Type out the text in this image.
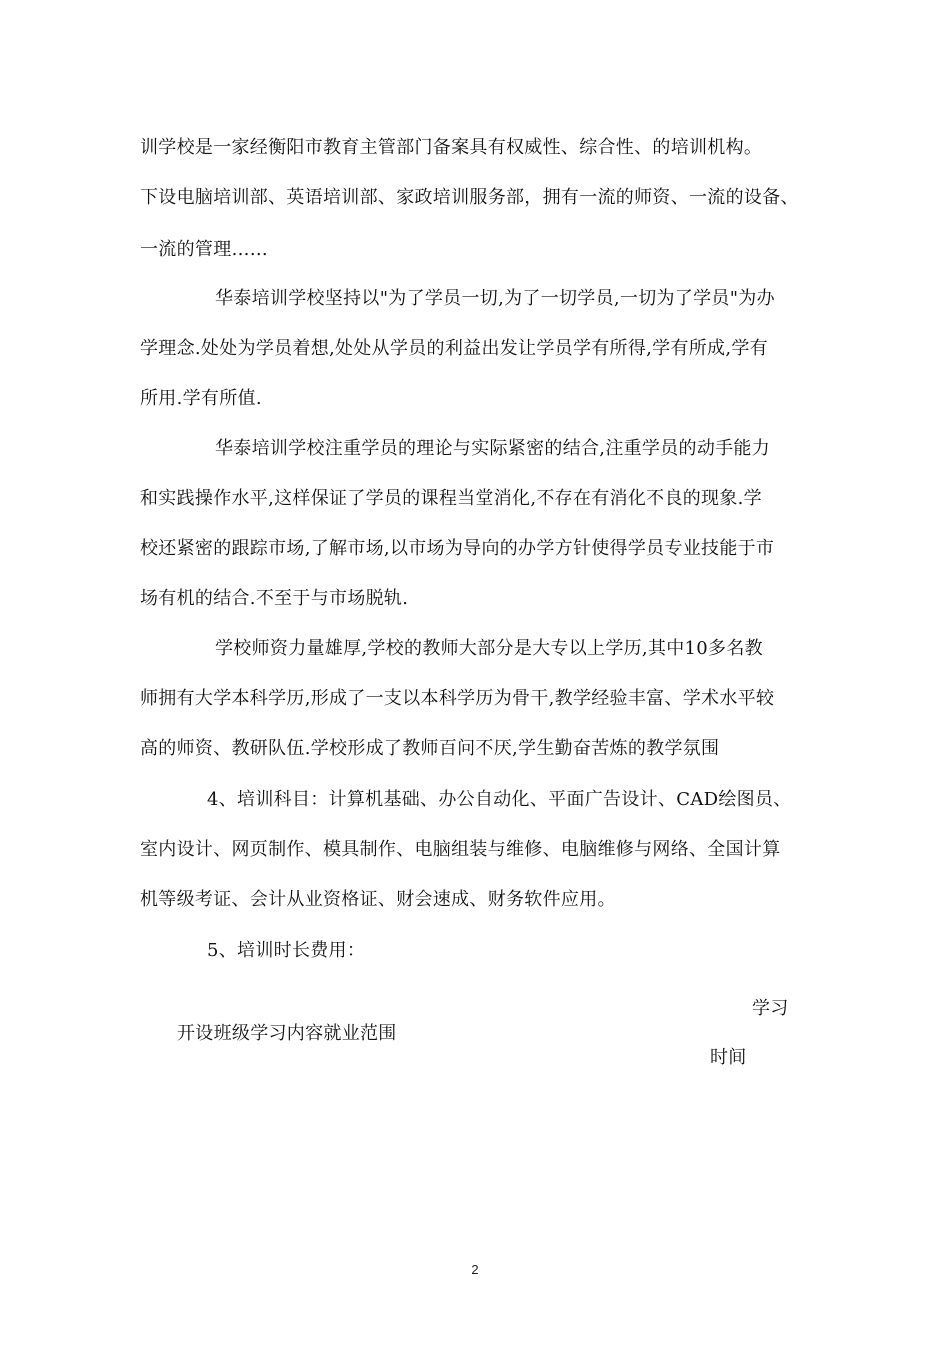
训学校是一家经衡阳市教育主管部门备案具有权威性、综合性、的培训机构。
下设电脑培训部、英语培训部、家政培训服务部，拥有一流的师资、一流的设备、
一流的管理……
华泰培训学校坚持以"为了学员一切,为了一切学员,一切为了学员"为办
学理念.处处为学员着想,处处从学员的利益出发让学员学有所得,学有所成,学有
所用.学有所值.
华泰培训学校注重学员的理论与实际紧密的结合,注重学员的动手能力
和实践操作水平,这样保证了学员的课程当堂消化,不存在有消化不良的现象.学
校还紧密的跟踪市场,了解市场,以市场为导向的办学方针使得学员专业技能于市
场有机的结合.不至于与市场脱轨.
学校师资力量雄厚,学校的教师大部分是大专以上学历,其中10多名教
师拥有大学本科学历,形成了一支以本科学历为骨干,教学经验丰富、学术水平较
高的师资、教研队伍.学校形成了教师百问不厌,学生勤奋苦炼的教学氛围
4、培训科目：计算机基础、办公自动化、平面广告设计、CAD绘图员、
室内设计、网页制作、模具制作、电脑组装与维修、电脑维修与网络、全国计算
机等级考证、会计从业资格证、财会速成、财务软件应用。
5、培训时长费用：
开设班级学习内容就业范围
学习
时间
2
